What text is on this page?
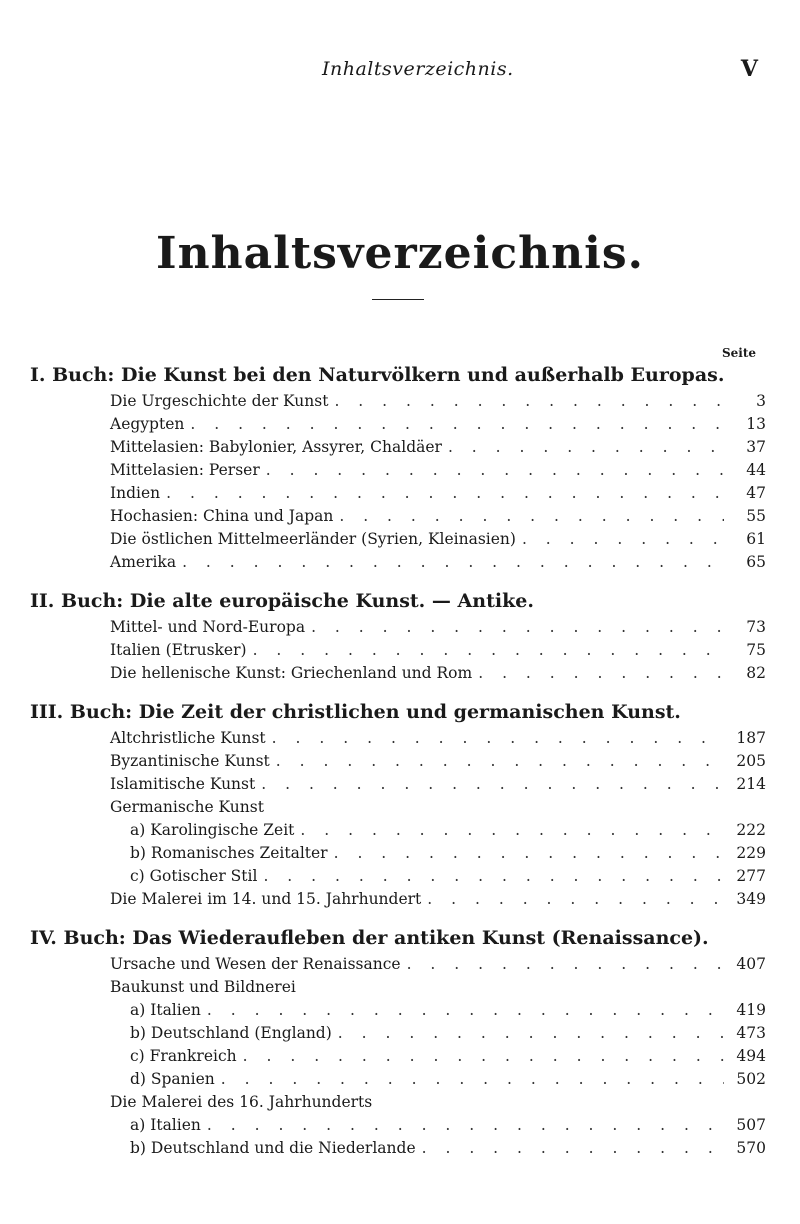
Inhaltsverzeichnis.	V
Inhaltsverzeichnis.
Seite
I. Buch: Die Kunst bei den Naturvölkern und außerhalb Europas.
Die Urgeschichte der Kunst . . .	3
Aegypten . . .	13
Mittelasien: Babylonier, Assyrer, Chaldäer . . .	37
Mittelasien: Perser . . .	44
Indien . . .	47
Hochasien: China und Japan . . .	55
Die östlichen Mittelmeerländer (Syrien, Kleinasien) . . .	61
Amerika . . .	65
II. Buch: Die alte europäische Kunst. — Antike.
Mittel- und Nord-Europa . . .	73
Italien (Etrusker) . . .	75
Die hellenische Kunst: Griechenland und Rom . . .	82
III. Buch: Die Zeit der christlichen und germanischen Kunst.
Altchristliche Kunst . . .	187
Byzantinische Kunst . . .	205
Islamitische Kunst . . .	214
Germanische Kunst
a) Karolingische Zeit . . .	222
b) Romanisches Zeitalter . . .	229
c) Gotischer Stil . . .	277
Die Malerei im 14. und 15. Jahrhundert . . .	349
IV. Buch: Das Wiederaufleben der antiken Kunst (Renaissance).
Ursache und Wesen der Renaissance . . .	407
Baukunst und Bildnerei
a) Italien . . .	419
b) Deutschland (England) . . .	473
c) Frankreich . . .	494
d) Spanien . . .	502
Die Malerei des 16. Jahrhunderts
a) Italien . . .	507
b) Deutschland und die Niederlande . . .	570
